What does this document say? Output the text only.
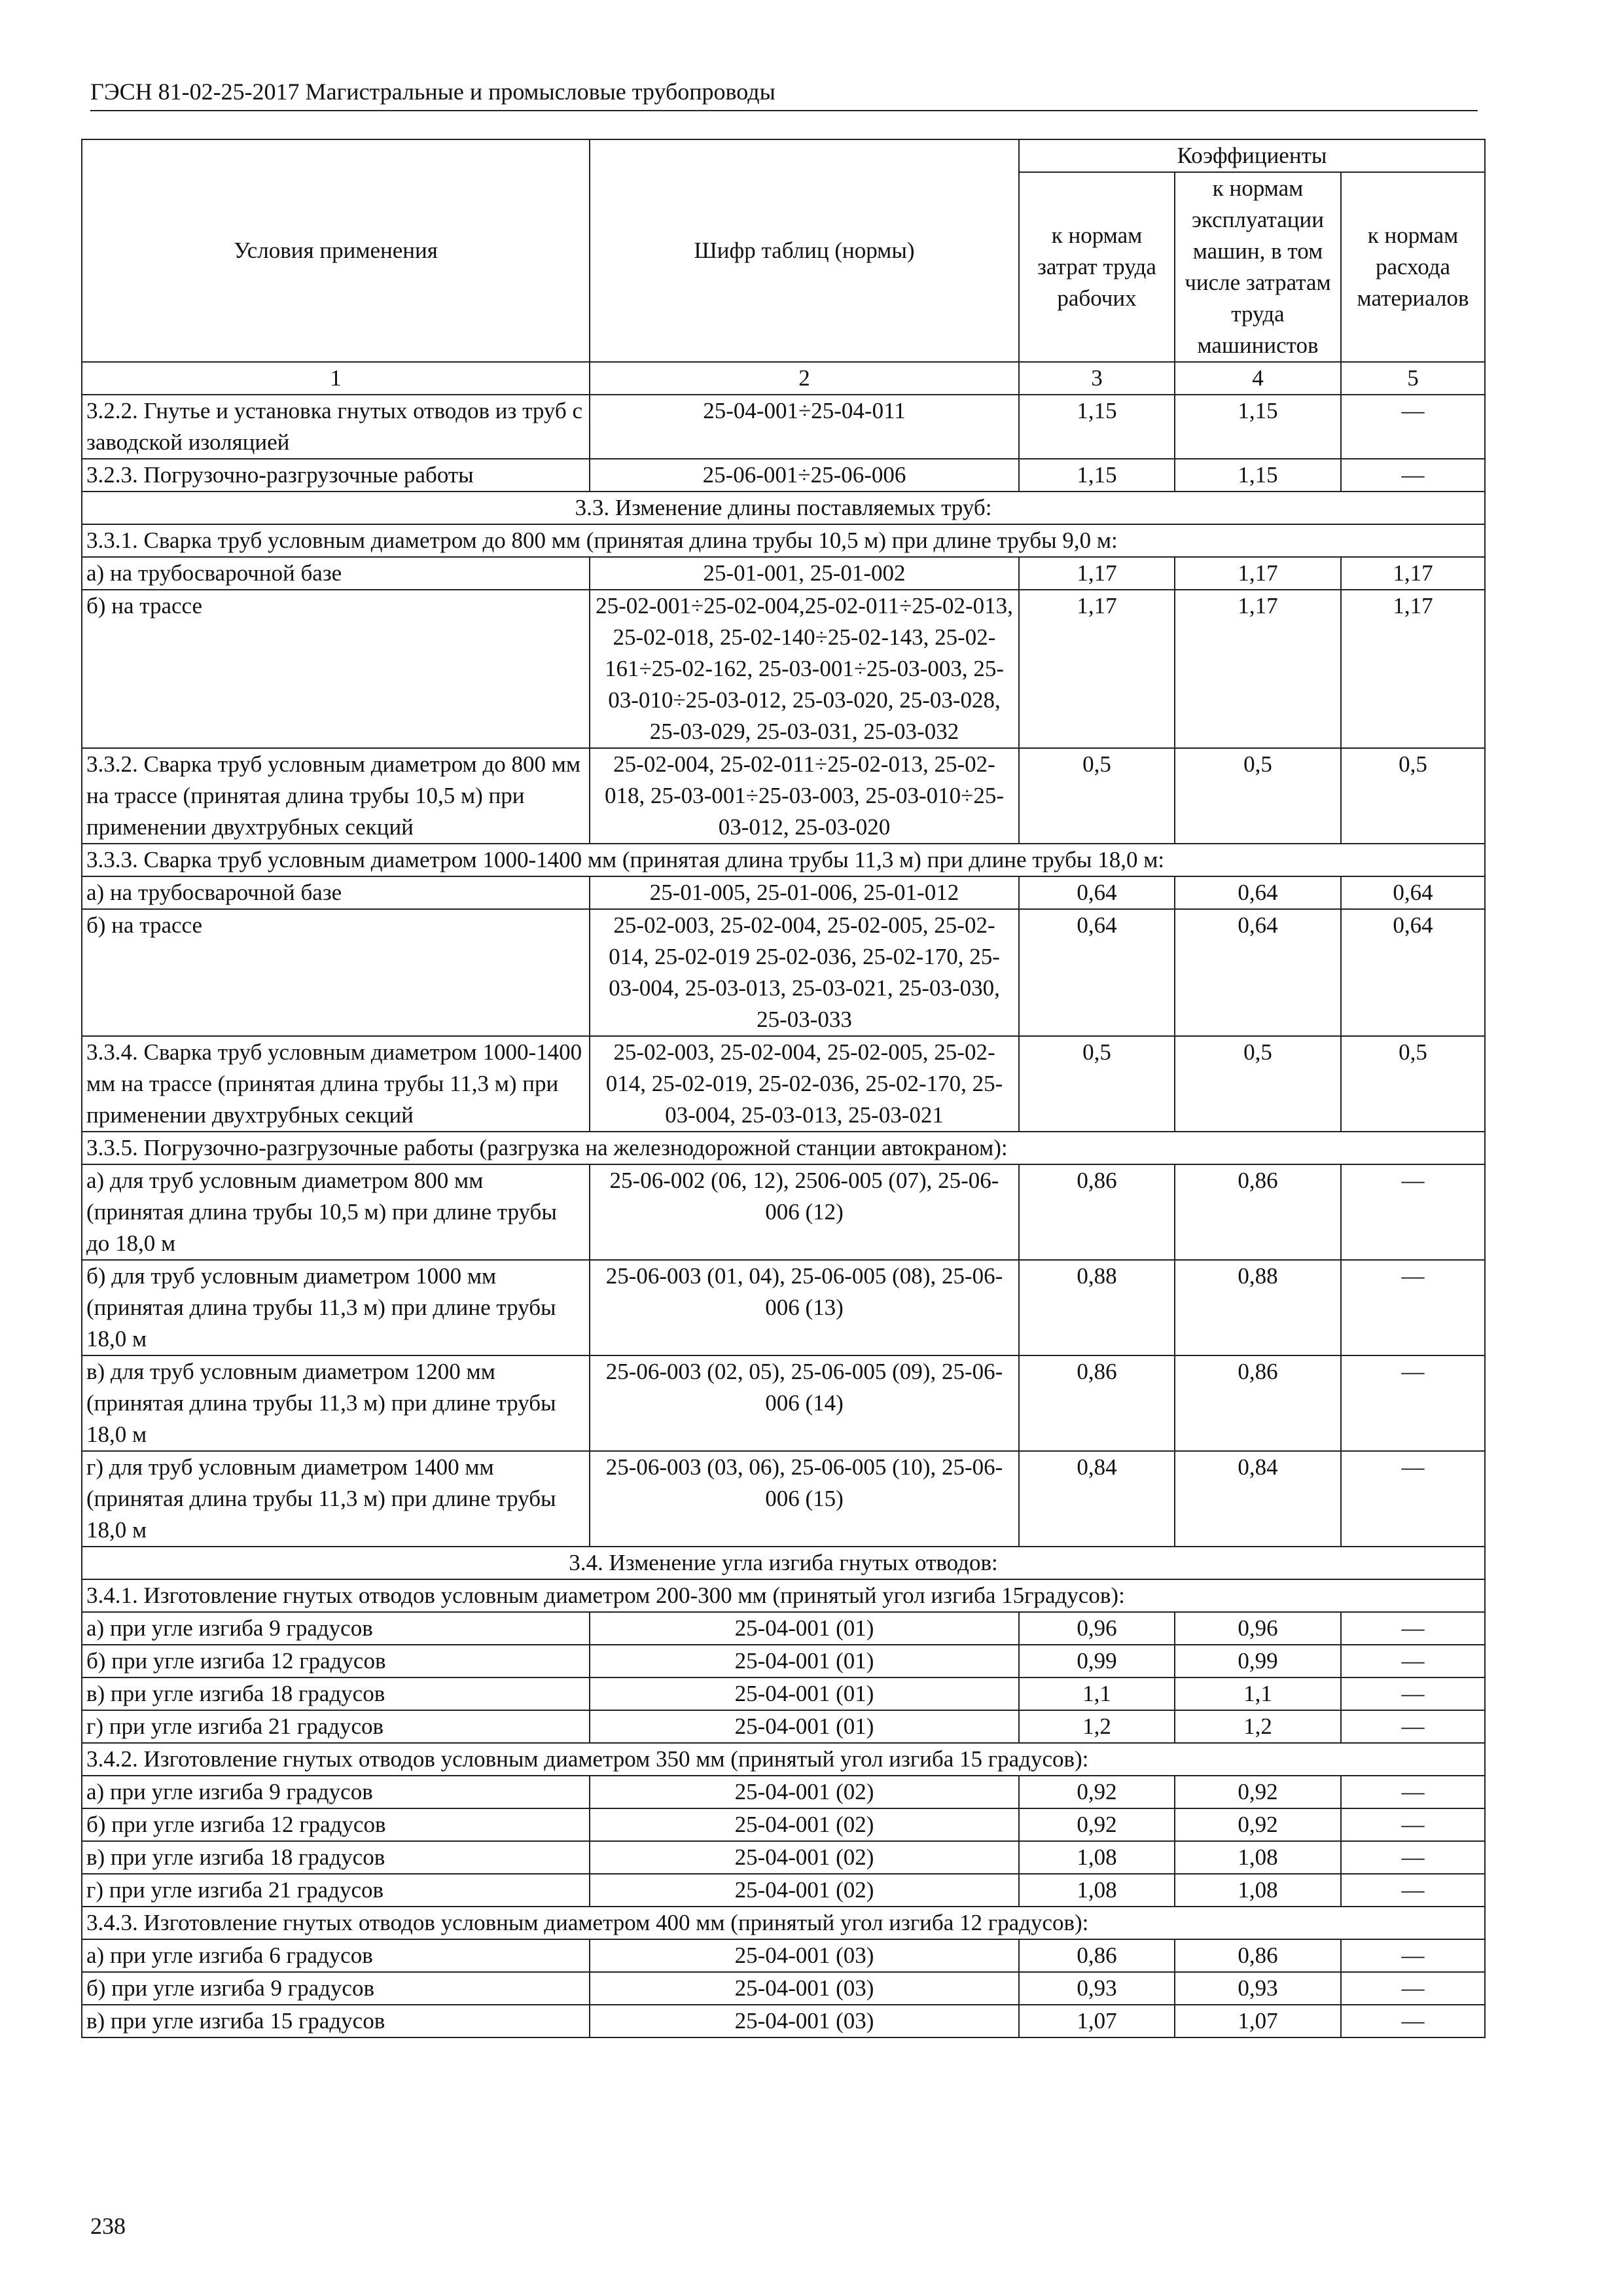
ГЭСН 81-02-25-2017 Магистральные и промысловые трубопроводы
Условия применения	Шифр таблиц (нормы)	Коэффициенты		
		к нормам затрат труда рабочих	к нормам эксплуатации машин, в том числе затратам труда машинистов	к нормам расхода материалов
1	2	3	4	5
3.2.2. Гнутье и установка гнутых отводов из труб с заводской изоляцией	25-04-001÷25-04-011	1,15	1,15	—
3.2.3. Погрузочно-разгрузочные работы	25-06-001÷25-06-006	1,15	1,15	—
3.3. Изменение длины поставляемых труб:				
3.3.1. Сварка труб условным диаметром до 800 мм (принятая длина трубы 10,5 м) при длине трубы 9,0 м:				
а) на трубосварочной базе	25-01-001, 25-01-002	1,17	1,17	1,17
б) на трассе	25-02-001÷25-02-004,25-02-011÷25-02-013, 25-02-018, 25-02-140÷25-02-143, 25-02-161÷25-02-162, 25-03-001÷25-03-003, 25-03-010÷25-03-012, 25-03-020, 25-03-028, 25-03-029, 25-03-031, 25-03-032	1,17	1,17	1,17
3.3.2. Сварка труб условным диаметром до 800 мм на трассе (принятая длина трубы 10,5 м) при применении двухтрубных секций	25-02-004, 25-02-011÷25-02-013, 25-02-018, 25-03-001÷25-03-003, 25-03-010÷25-03-012, 25-03-020	0,5	0,5	0,5
3.3.3. Сварка труб условным диаметром 1000-1400 мм (принятая длина трубы 11,3 м) при длине трубы 18,0 м:				
а) на трубосварочной базе	25-01-005, 25-01-006, 25-01-012	0,64	0,64	0,64
б) на трассе	25-02-003, 25-02-004, 25-02-005, 25-02-014, 25-02-019 25-02-036, 25-02-170, 25-03-004, 25-03-013, 25-03-021, 25-03-030, 25-03-033	0,64	0,64	0,64
3.3.4. Сварка труб условным диаметром 1000-1400 мм на трассе (принятая длина трубы 11,3 м) при применении двухтрубных секций	25-02-003, 25-02-004, 25-02-005, 25-02-014, 25-02-019, 25-02-036, 25-02-170, 25-03-004, 25-03-013, 25-03-021	0,5	0,5	0,5
3.3.5. Погрузочно-разгрузочные работы (разгрузка на железнодорожной станции автокраном):				
а) для труб условным диаметром 800 мм (принятая длина трубы 10,5 м) при длине трубы до 18,0 м	25-06-002 (06, 12), 2506-005 (07), 25-06-006 (12)	0,86	0,86	—
б) для труб условным диаметром 1000 мм (принятая длина трубы 11,3 м) при длине трубы 18,0 м	25-06-003 (01, 04), 25-06-005 (08), 25-06-006 (13)	0,88	0,88	—
в) для труб условным диаметром 1200 мм (принятая длина трубы 11,3 м) при длине трубы 18,0 м	25-06-003 (02, 05), 25-06-005 (09), 25-06-006 (14)	0,86	0,86	—
г) для труб условным диаметром 1400 мм (принятая длина трубы 11,3 м) при длине трубы 18,0 м	25-06-003 (03, 06), 25-06-005 (10), 25-06-006 (15)	0,84	0,84	—
3.4. Изменение угла изгиба гнутых отводов:				
3.4.1. Изготовление гнутых отводов условным диаметром 200-300 мм (принятый угол изгиба 15градусов):				
а) при угле изгиба 9 градусов	25-04-001 (01)	0,96	0,96	—
б) при угле изгиба 12 градусов	25-04-001 (01)	0,99	0,99	—
в) при угле изгиба 18 градусов	25-04-001 (01)	1,1	1,1	—
г) при угле изгиба 21 градусов	25-04-001 (01)	1,2	1,2	—
3.4.2. Изготовление гнутых отводов условным диаметром 350 мм (принятый угол изгиба 15 градусов):				
а) при угле изгиба 9 градусов	25-04-001 (02)	0,92	0,92	—
б) при угле изгиба 12 градусов	25-04-001 (02)	0,92	0,92	—
в) при угле изгиба 18 градусов	25-04-001 (02)	1,08	1,08	—
г) при угле изгиба 21 градусов	25-04-001 (02)	1,08	1,08	—
3.4.3. Изготовление гнутых отводов условным диаметром 400 мм (принятый угол изгиба 12 градусов):				
а) при угле изгиба 6 градусов	25-04-001 (03)	0,86	0,86	—
б) при угле изгиба 9 градусов	25-04-001 (03)	0,93	0,93	—
в) при угле изгиба 15 градусов	25-04-001 (03)	1,07	1,07	—
238
